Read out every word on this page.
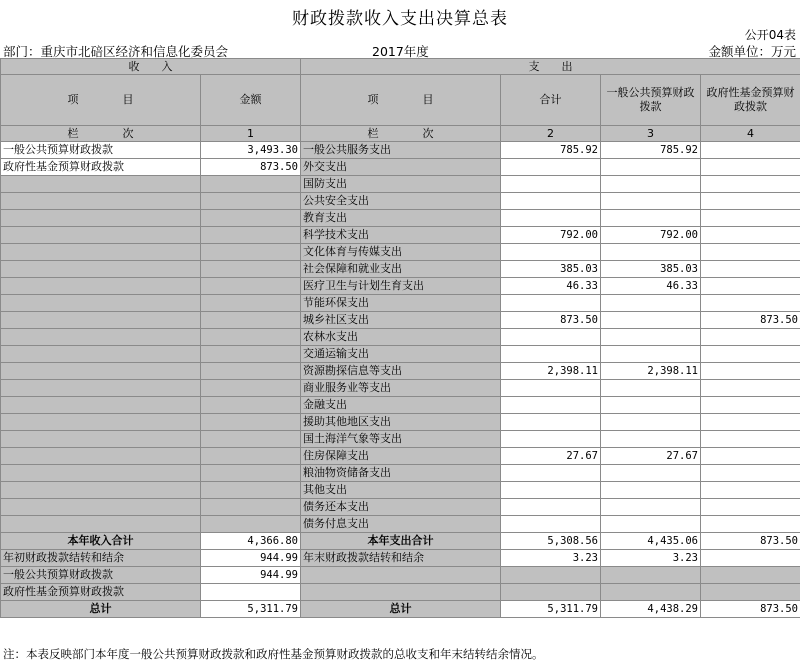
财政拨款收入支出决算总表
公开04表
部门：重庆市北碚区经济和信息化委员会	2017年度	金额单位：万元
收　　入		支　　出			
项　　　　目	金额	项　　　　目	合计	一般公共预算财政拨款	政府性基金预算财政拨款
栏　　　　次	1	栏　　　　次	2	3	4
一般公共预算财政拨款	3,493.30	一般公共服务支出	785.92	785.92	
政府性基金预算财政拨款	873.50	外交支出			
		国防支出			
		公共安全支出			
		教育支出			
		科学技术支出	792.00	792.00	
		文化体育与传媒支出			
		社会保障和就业支出	385.03	385.03	
		医疗卫生与计划生育支出	46.33	46.33	
		节能环保支出			
		城乡社区支出	873.50		873.50
		农林水支出			
		交通运输支出			
		资源勘探信息等支出	2,398.11	2,398.11	
		商业服务业等支出			
		金融支出			
		援助其他地区支出			
		国土海洋气象等支出			
		住房保障支出	27.67	27.67	
		粮油物资储备支出			
		其他支出			
		债务还本支出			
		债务付息支出			
本年收入合计	4,366.80	本年支出合计	5,308.56	4,435.06	873.50
年初财政拨款结转和结余	944.99	年末财政拨款结转和结余	3.23	3.23	
一般公共预算财政拨款	944.99				
政府性基金预算财政拨款					
总计	5,311.79	总计	5,311.79	4,438.29	873.50
注：本表反映部门本年度一般公共预算财政拨款和政府性基金预算财政拨款的总收支和年末结转结余情况。
